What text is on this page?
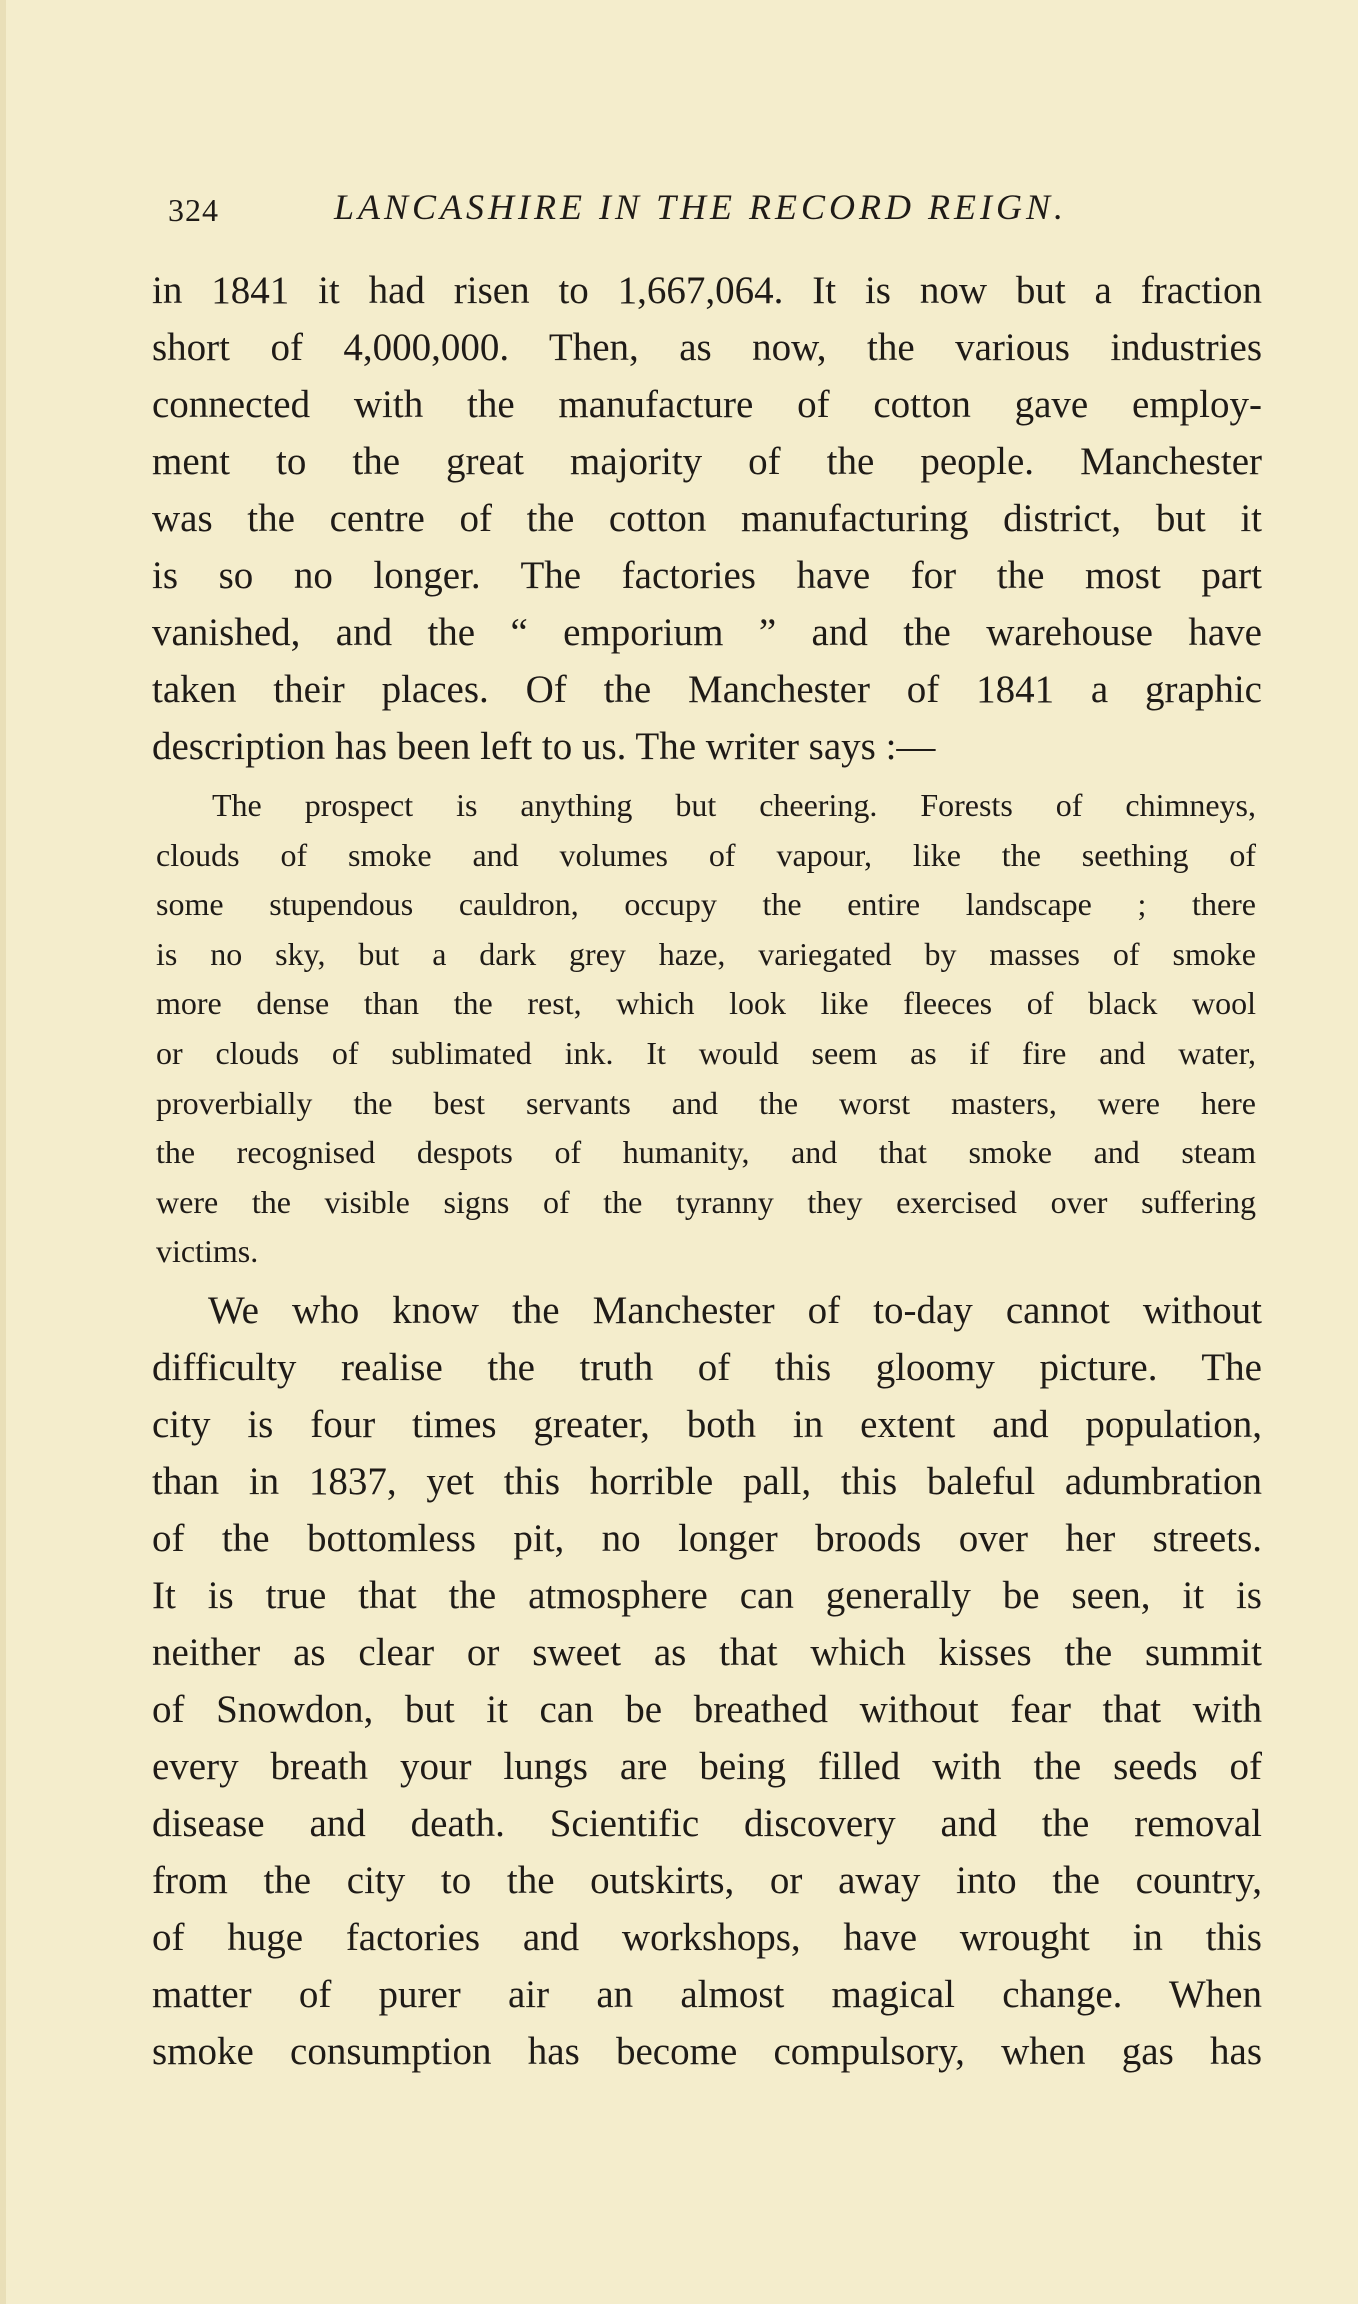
324	LANCASHIRE IN THE RECORD REIGN.
in 1841 it had risen to 1,667,064. It is now but a fraction
short of 4,000,000. Then, as now, the various industries
connected with the manufacture of cotton gave employ-
ment to the great majority of the people. Manchester
was the centre of the cotton manufacturing district, but it
is so no longer. The factories have for the most part
vanished, and the “ emporium ” and the warehouse have
taken their places. Of the Manchester of 1841 a graphic
description has been left to us. The writer says :—
The prospect is anything but cheering. Forests of chimneys,
clouds of smoke and volumes of vapour, like the seething of
some stupendous cauldron, occupy the entire landscape ; there
is no sky, but a dark grey haze, variegated by masses of smoke
more dense than the rest, which look like fleeces of black wool
or clouds of sublimated ink. It would seem as if fire and water,
proverbially the best servants and the worst masters, were here
the recognised despots of humanity, and that smoke and steam
were the visible signs of the tyranny they exercised over suffering
victims.
We who know the Manchester of to-day cannot without
difficulty realise the truth of this gloomy picture. The
city is four times greater, both in extent and population,
than in 1837, yet this horrible pall, this baleful adumbration
of the bottomless pit, no longer broods over her streets.
It is true that the atmosphere can generally be seen, it is
neither as clear or sweet as that which kisses the summit
of Snowdon, but it can be breathed without fear that with
every breath your lungs are being filled with the seeds of
disease and death. Scientific discovery and the removal
from the city to the outskirts, or away into the country,
of huge factories and workshops, have wrought in this
matter of purer air an almost magical change. When
smoke consumption has become compulsory, when gas has
